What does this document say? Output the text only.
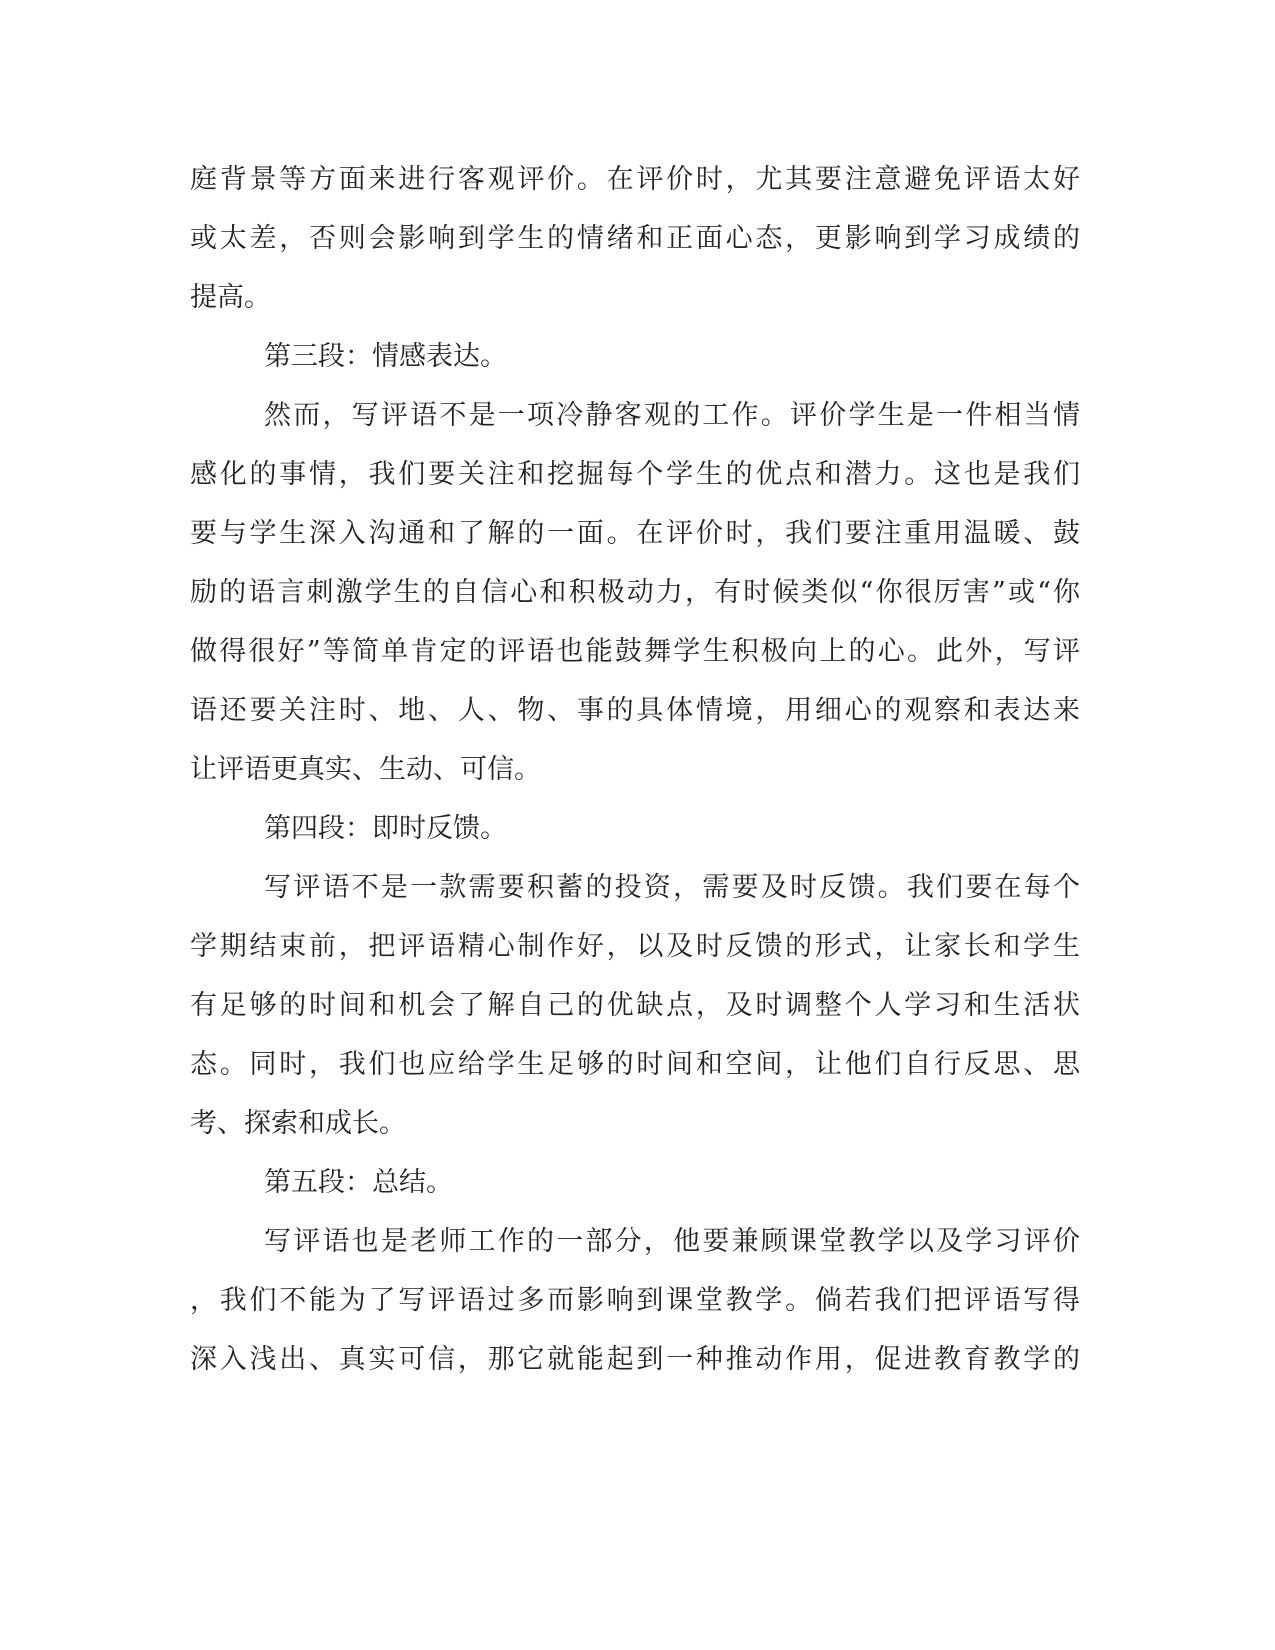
庭背景等方面来进行客观评价。在评价时，尤其要注意避免评语太好
或太差，否则会影响到学生的情绪和正面心态，更影响到学习成绩的
提高。
第三段：情感表达。
然而，写评语不是一项冷静客观的工作。评价学生是一件相当情
感化的事情，我们要关注和挖掘每个学生的优点和潜力。这也是我们
要与学生深入沟通和了解的一面。在评价时，我们要注重用温暖、鼓
励的语言刺激学生的自信心和积极动力，有时候类似“你很厉害”或“你
做得很好”等简单肯定的评语也能鼓舞学生积极向上的心。此外，写评
语还要关注时、地、人、物、事的具体情境，用细心的观察和表达来
让评语更真实、生动、可信。
第四段：即时反馈。
写评语不是一款需要积蓄的投资，需要及时反馈。我们要在每个
学期结束前，把评语精心制作好，以及时反馈的形式，让家长和学生
有足够的时间和机会了解自己的优缺点，及时调整个人学习和生活状
态。同时，我们也应给学生足够的时间和空间，让他们自行反思、思
考、探索和成长。
第五段：总结。
写评语也是老师工作的一部分，他要兼顾课堂教学以及学习评价
，我们不能为了写评语过多而影响到课堂教学。倘若我们把评语写得
深入浅出、真实可信，那它就能起到一种推动作用，促进教育教学的
